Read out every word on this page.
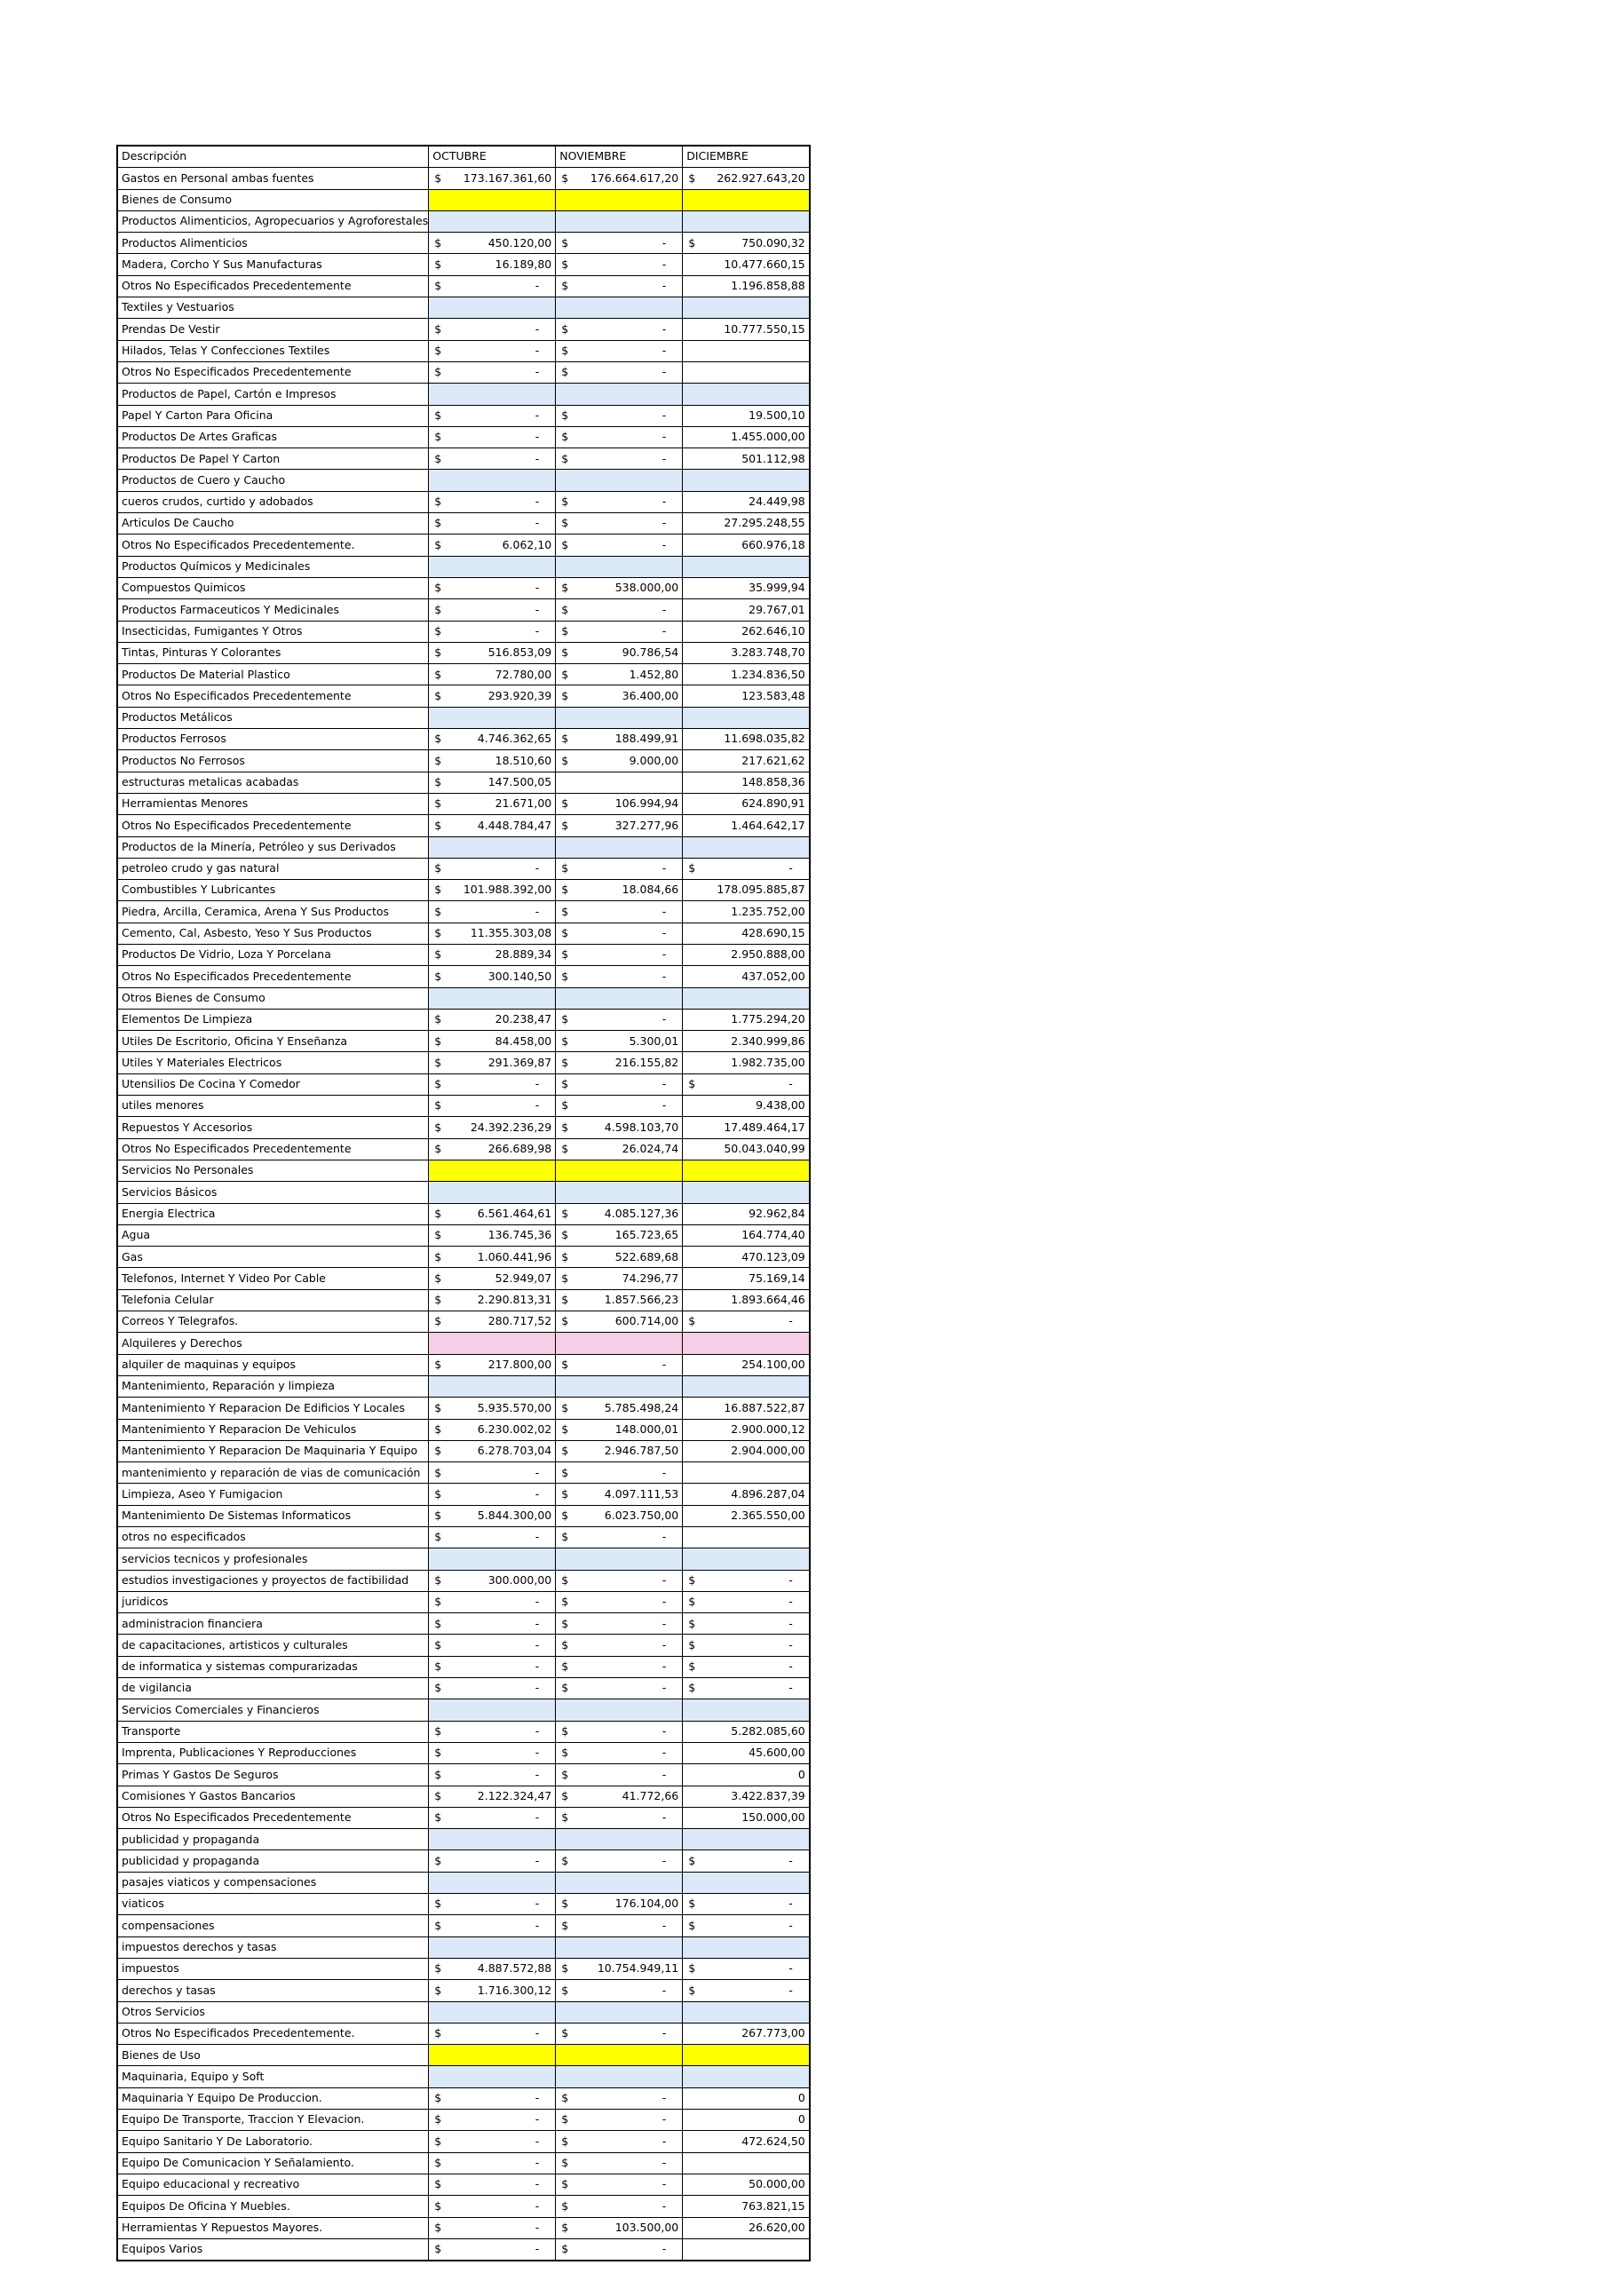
Descripción	OCTUBRE	NOVIEMBRE	DICIEMBRE
Gastos en Personal ambas fuentes	$ 173.167.361,60	$ 176.664.617,20	$ 262.927.643,20

Bienes de Consumo			
Productos Alimenticios, Agropecuarios y Agroforestales			
Productos Alimenticios	$ 450.120,00	$ -	$ 750.090,32

Madera, Corcho Y Sus Manufacturas	$ 16.189,80	$ -	10.477.660,15

Otros No Especificados Precedentemente	$ -	$ -	1.196.858,88

Textiles y Vestuarios			
Prendas De Vestir	$ -	$ -	10.777.550,15

Hilados, Telas Y Confecciones Textiles	$ -	$ -	

Otros No Especificados Precedentemente	$ -	$ -	

Productos de Papel, Cartón e Impresos			
Papel Y Carton Para Oficina	$ -	$ -	19.500,10

Productos De Artes Graficas	$ -	$ -	1.455.000,00

Productos De Papel Y Carton	$ -	$ -	501.112,98

Productos de Cuero y Caucho			
cueros crudos, curtido y adobados	$ -	$ -	24.449,98

Articulos De Caucho	$ -	$ -	27.295.248,55

Otros No Especificados Precedentemente.	$ 6.062,10	$ -	660.976,18

Productos Químicos y Medicinales			
Compuestos Quimicos	$ -	$ 538.000,00	35.999,94

Productos Farmaceuticos Y Medicinales	$ -	$ -	29.767,01

Insecticidas, Fumigantes Y Otros	$ -	$ -	262.646,10

Tintas, Pinturas Y Colorantes	$ 516.853,09	$ 90.786,54	3.283.748,70

Productos De Material Plastico	$ 72.780,00	$ 1.452,80	1.234.836,50

Otros No Especificados Precedentemente	$ 293.920,39	$ 36.400,00	123.583,48

Productos Metálicos			
Productos Ferrosos	$ 4.746.362,65	$ 188.499,91	11.698.035,82

Productos No Ferrosos	$ 18.510,60	$ 9.000,00	217.621,62

estructuras metalicas acabadas	$ 147.500,05		148.858,36

Herramientas Menores	$ 21.671,00	$ 106.994,94	624.890,91

Otros No Especificados Precedentemente	$ 4.448.784,47	$ 327.277,96	1.464.642,17

Productos de la Minería, Petróleo y sus Derivados			
petroleo crudo y gas natural	$ -	$ -	$ -

Combustibles Y Lubricantes	$ 101.988.392,00	$ 18.084,66	178.095.885,87

Piedra, Arcilla, Ceramica, Arena Y Sus Productos	$ -	$ -	1.235.752,00

Cemento, Cal, Asbesto, Yeso Y Sus Productos	$ 11.355.303,08	$ -	428.690,15

Productos De Vidrio, Loza Y Porcelana	$ 28.889,34	$ -	2.950.888,00

Otros No Especificados Precedentemente	$ 300.140,50	$ -	437.052,00

Otros Bienes de Consumo			
Elementos De Limpieza	$ 20.238,47	$ -	1.775.294,20

Utiles De Escritorio, Oficina Y Enseñanza	$ 84.458,00	$ 5.300,01	2.340.999,86

Utiles Y Materiales Electricos	$ 291.369,87	$ 216.155,82	1.982.735,00

Utensilios De Cocina Y Comedor	$ -	$ -	$ -

utiles menores	$ -	$ -	9.438,00

Repuestos Y Accesorios	$ 24.392.236,29	$ 4.598.103,70	17.489.464,17

Otros No Especificados Precedentemente	$ 266.689,98	$ 26.024,74	50.043.040,99

Servicios No Personales			
Servicios Básicos			
Energia Electrica	$ 6.561.464,61	$ 4.085.127,36	92.962,84

Agua	$ 136.745,36	$ 165.723,65	164.774,40

Gas	$ 1.060.441,96	$ 522.689,68	470.123,09

Telefonos, Internet Y Video Por Cable	$ 52.949,07	$ 74.296,77	75.169,14

Telefonia Celular	$ 2.290.813,31	$ 1.857.566,23	1.893.664,46

Correos Y Telegrafos.	$ 280.717,52	$ 600.714,00	$ -

Alquileres y Derechos			
alquiler de maquinas y equipos	$ 217.800,00	$ -	254.100,00

Mantenimiento, Reparación y limpieza			
Mantenimiento Y Reparacion De Edificios Y Locales	$ 5.935.570,00	$ 5.785.498,24	16.887.522,87

Mantenimiento Y Reparacion De Vehiculos	$ 6.230.002,02	$ 148.000,01	2.900.000,12

Mantenimiento Y Reparacion De Maquinaria Y Equipo	$ 6.278.703,04	$ 2.946.787,50	2.904.000,00

mantenimiento y reparación de vias de comunicación	$ -	$ -	

Limpieza, Aseo Y Fumigacion	$ -	$ 4.097.111,53	4.896.287,04

Mantenimiento De Sistemas Informaticos	$ 5.844.300,00	$ 6.023.750,00	2.365.550,00

otros no especificados	$ -	$ -	

servicios tecnicos y profesionales			
estudios investigaciones y proyectos de factibilidad	$ 300.000,00	$ -	$ -

juridicos	$ -	$ -	$ -

administracion financiera	$ -	$ -	$ -

de capacitaciones, artisticos y culturales	$ -	$ -	$ -

de informatica y sistemas compurarizadas	$ -	$ -	$ -

de vigilancia	$ -	$ -	$ -

Servicios Comerciales y Financieros			
Transporte	$ -	$ -	5.282.085,60

Imprenta, Publicaciones Y Reproducciones	$ -	$ -	45.600,00

Primas Y Gastos De Seguros	$ -	$ -	0

Comisiones Y Gastos Bancarios	$ 2.122.324,47	$ 41.772,66	3.422.837,39

Otros No Especificados Precedentemente	$ -	$ -	150.000,00

publicidad y propaganda			
publicidad y propaganda	$ -	$ -	$ -

pasajes viaticos y compensaciones			
viaticos	$ -	$ 176.104,00	$ -

compensaciones	$ -	$ -	$ -

impuestos derechos y tasas			
impuestos	$ 4.887.572,88	$ 10.754.949,11	$ -

derechos y tasas	$ 1.716.300,12	$ -	$ -

Otros Servicios			
Otros No Especificados Precedentemente.	$ -	$ -	267.773,00

Bienes de Uso			
Maquinaria, Equipo y Soft			
Maquinaria Y Equipo De Produccion.	$ -	$ -	0

Equipo De Transporte, Traccion Y Elevacion.	$ -	$ -	0

Equipo Sanitario Y De Laboratorio.	$ -	$ -	472.624,50

Equipo De Comunicacion Y Señalamiento.	$ -	$ -	

Equipo educacional y recreativo	$ -	$ -	50.000,00

Equipos De Oficina Y Muebles.	$ -	$ -	763.821,15

Herramientas Y Repuestos Mayores.	$ -	$ 103.500,00	26.620,00

Equipos Varios	$ -	$ -	
